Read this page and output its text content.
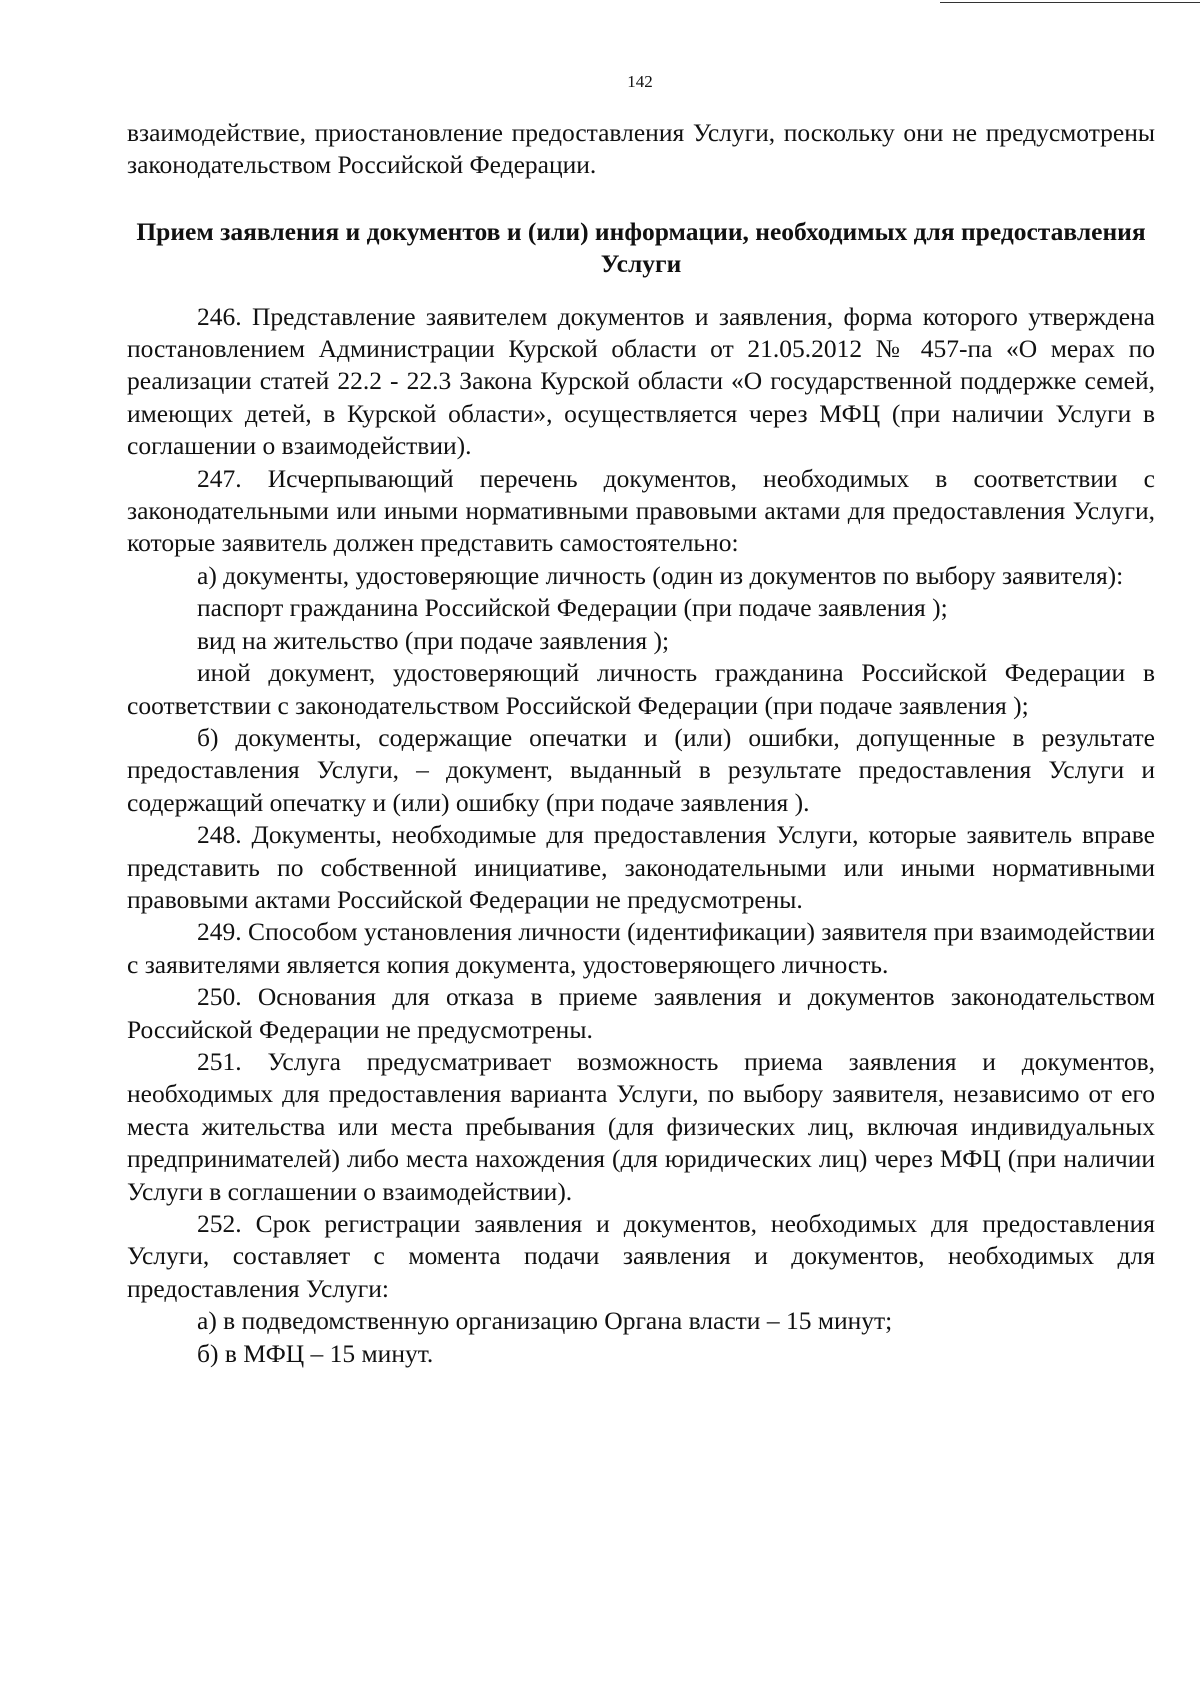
142

взаимодействие, приостановление предоставления Услуги, поскольку они не предусмотрены законодательством Российской Федерации.

Прием заявления и документов и (или) информации, необходимых для предоставления Услуги

246. Представление заявителем документов и заявления, форма которого утверждена постановлением Администрации Курской области от 21.05.2012 № 457-па «О мерах по реализации статей 22.2 - 22.3 Закона Курской области «О государственной поддержке семей, имеющих детей, в Курской области», осуществляется через МФЦ (при наличии Услуги в соглашении о взаимодействии).

247. Исчерпывающий перечень документов, необходимых в соответствии с законодательными или иными нормативными правовыми актами для предоставления Услуги, которые заявитель должен представить самостоятельно:

а) документы, удостоверяющие личность (один из документов по выбору заявителя):

паспорт гражданина Российской Федерации (при подаче заявления );

вид на жительство (при подаче заявления );

иной документ, удостоверяющий личность гражданина Российской Федерации в соответствии с законодательством Российской Федерации (при подаче заявления );

б) документы, содержащие опечатки и (или) ошибки, допущенные в результате предоставления Услуги, – документ, выданный в результате предоставления Услуги и содержащий опечатку и (или) ошибку (при подаче заявления ).

248. Документы, необходимые для предоставления Услуги, которые заявитель вправе представить по собственной инициативе, законодательными или иными нормативными правовыми актами Российской Федерации не предусмотрены.

249. Способом установления личности (идентификации) заявителя при взаимодействии с заявителями является копия документа, удостоверяющего личность.

250. Основания для отказа в приеме заявления и документов законодательством Российской Федерации не предусмотрены.

251. Услуга предусматривает возможность приема заявления и документов, необходимых для предоставления варианта Услуги, по выбору заявителя, независимо от его места жительства или места пребывания (для физических лиц, включая индивидуальных предпринимателей) либо места нахождения (для юридических лиц) через МФЦ (при наличии Услуги в соглашении о взаимодействии).

252. Срок регистрации заявления и документов, необходимых для предоставления Услуги, составляет с момента подачи заявления и документов, необходимых для предоставления Услуги:

а) в подведомственную организацию Органа власти – 15 минут;

б) в МФЦ – 15 минут.
